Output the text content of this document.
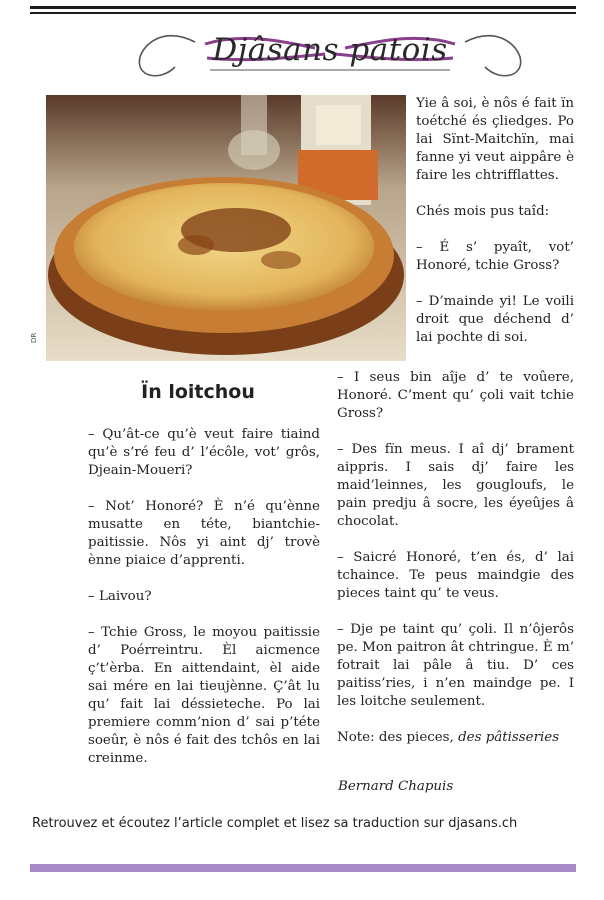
Djâsans patois
DR
Ïn loitchou

– Qu’ât-ce qu’è veut faire tiaind qu’è s’ré feu d’ l’écôle, vot’ grôs, Djeain-Moueri?

– Not’ Honoré? È n’é qu’ènne musatte en téte, biantchie-paitissie. Nôs yi aint dj’ trovè ènne piaice d’apprenti.

– Laivou?

– Tchie Gross, le moyou paitissie d’ Poérreintru. Èl aicmence ç’t’èrba. En aittendaint, èl aide sai mére en lai tieujènne. Ç’ât lu qu’ fait lai déssieteche. Po lai premiere comm’nion d’ sai p’téte soeûr, è nôs é fait des tchôs en lai creinme.

Yie â soi, è nôs é fait ïn toétché és çliedges. Po lai Sïnt-Maitchïn, mai fanne yi veut aippâre è faire les chtrifflattes.

Chés mois pus taîd:

– É s’ pyaît, vot’ Honoré, tchie Gross?

– D’mainde yi! Le voili droit que déchend d’ lai pochte di soi.

– I seus bin aîje d’ te voûere, Honoré. C’ment qu’ çoli vait tchie Gross?

– Des fïn meus. I aî dj’ brament aippris. I sais dj’ faire les maid’leinnes, les gougloufs, le pain predju â socre, les éyeûjes â chocolat.

– Saicré Honoré, t’en és, d’ lai tchaince. Te peus maindgie des pieces taint qu’ te veus.

– Dje pe taint qu’ çoli. Il n’ôjerôs pe. Mon paitron ât chtringue. È m’ fotrait lai pâle â tiu. D’ ces paitiss’ries, i n’en maindge pe. I les loitche seulement.

Note: des pieces, des pâtisseries

Bernard Chapuis
Retrouvez et écoutez l’article complet et lisez sa traduction sur djasans.ch
